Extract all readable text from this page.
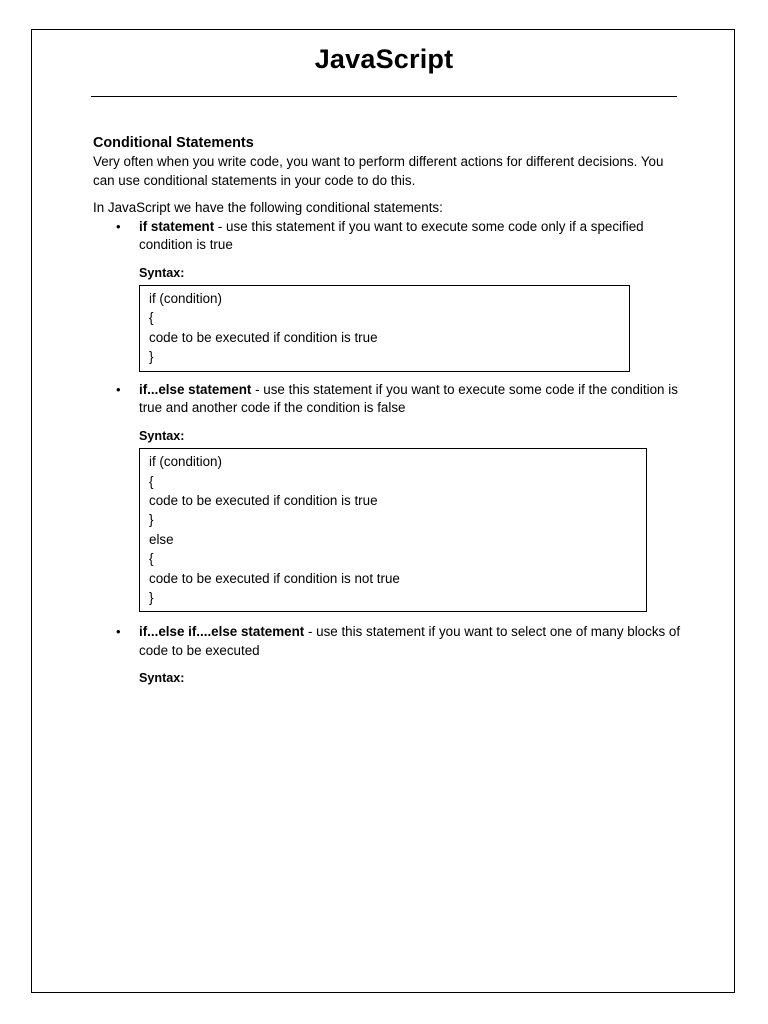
JavaScript
Conditional Statements

Very often when you write code, you want to perform different actions for different decisions. You can use conditional statements in your code to do this.

In JavaScript we have the following conditional statements:

• if statement - use this statement if you want to execute some code only if a specified condition is true
Syntax:
if (condition)
{
code to be executed if condition is true
}
• if...else statement - use this statement if you want to execute some code if the condition is true and another code if the condition is false
Syntax:
if (condition)
{
code to be executed if condition is true
}
else
{
code to be executed if condition is not true
}
• if...else if....else statement - use this statement if you want to select one of many blocks of code to be executed
Syntax:
